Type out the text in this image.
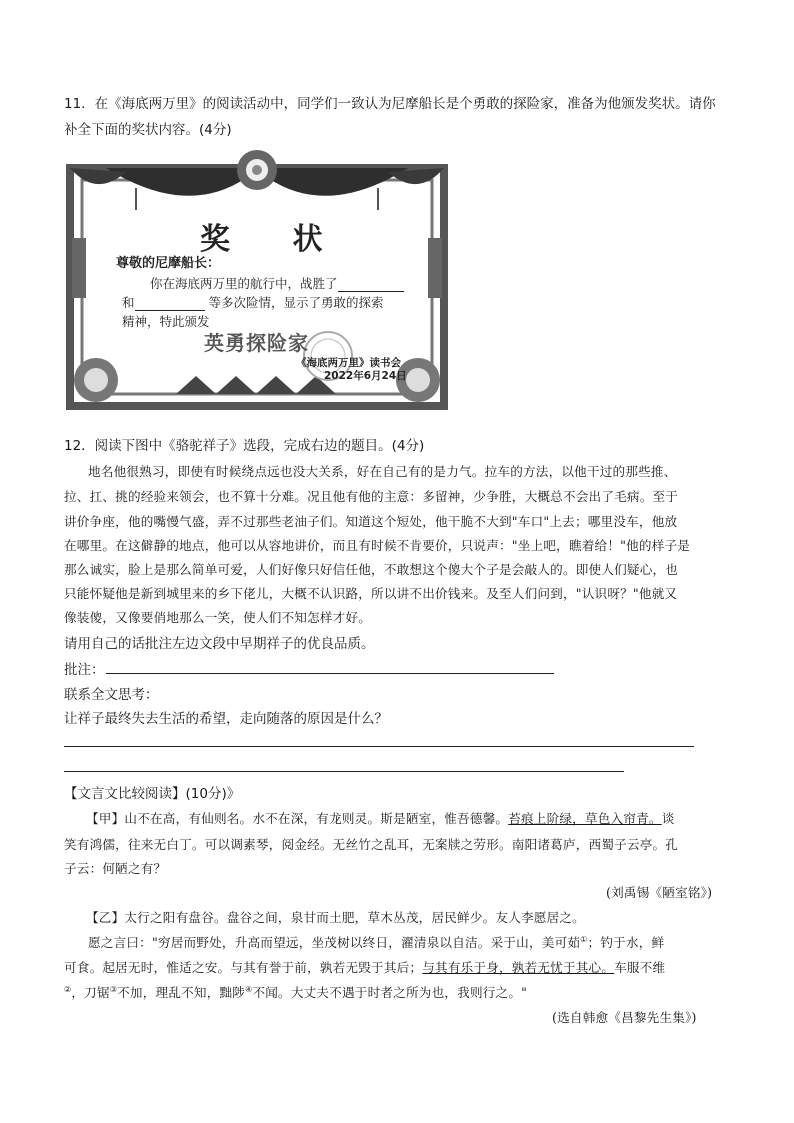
11．在《海底两万里》的阅读活动中，同学们一致认为尼摩船长是个勇敢的探险家，准备为他颁发奖状。请你
补全下面的奖状内容。(4分)
奖 状
尊敬的尼摩船长：
你在海底两万里的航行中，战胜了
和	等多次险情，显示了勇敢的探索
精神，特此颁发
英勇探险家
《海底两万里》读书会
2022年6月24日
12．阅读下图中《骆驼祥子》选段，完成右边的题目。(4分)
地名他很熟习，即使有时候绕点远也没大关系，好在自己有的是力气。拉车的方法，以他干过的那些推、
拉、扛、挑的经验来领会，也不算十分难。况且他有他的主意：多留神，少争胜，大概总不会出了毛病。至于
讲价争座，他的嘴慢气盛，弄不过那些老油子们。知道这个短处，他干脆不大到"车口"上去；哪里没车，他放
在哪里。在这僻静的地点，他可以从容地讲价，而且有时候不肯要价，只说声："坐上吧，瞧着给！"他的样子是
那么诚实，脸上是那么简单可爱，人们好像只好信任他，不敢想这个傻大个子是会敲人的。即使人们疑心，也
只能怀疑他是新到城里来的乡下佬儿，大概不认识路，所以讲不出价钱来。及至人们问到，"认识呀？"他就又
像装傻，又像要俏地那么一笑，使人们不知怎样才好。
请用自己的话批注左边文段中早期祥子的优良品质。
批注：
联系全文思考：
让祥子最终失去生活的希望，走向随落的原因是什么？
【文言文比较阅读】(10分)》
【甲】山不在高，有仙则名。水不在深，有龙则灵。斯是陋室，惟吾德馨。苔痕上阶绿，草色入帘青。谈
笑有鸿儒，往来无白丁。可以调素琴，阅金经。无丝竹之乱耳，无案牍之劳形。南阳诸葛庐，西蜀子云亭。孔
子云：何陋之有？
(刘禹锡《陋室铭》)
【乙】太行之阳有盘谷。盘谷之间，泉甘而土肥，草木丛茂，居民鲜少。友人李愿居之。
愿之言曰："穷居而野处，升高而望远，坐茂树以终日，濯清泉以自洁。采于山，美可茹①；钓于水，鲜
可食。起居无时，惟适之安。与其有誉于前，孰若无毁于其后；与其有乐于身，孰若无忧于其心。车服不维
②，刀锯③不加，理乱不知，黜陟④不闻。大丈夫不遇于时者之所为也，我则行之。"
(选自韩愈《昌黎先生集》)
